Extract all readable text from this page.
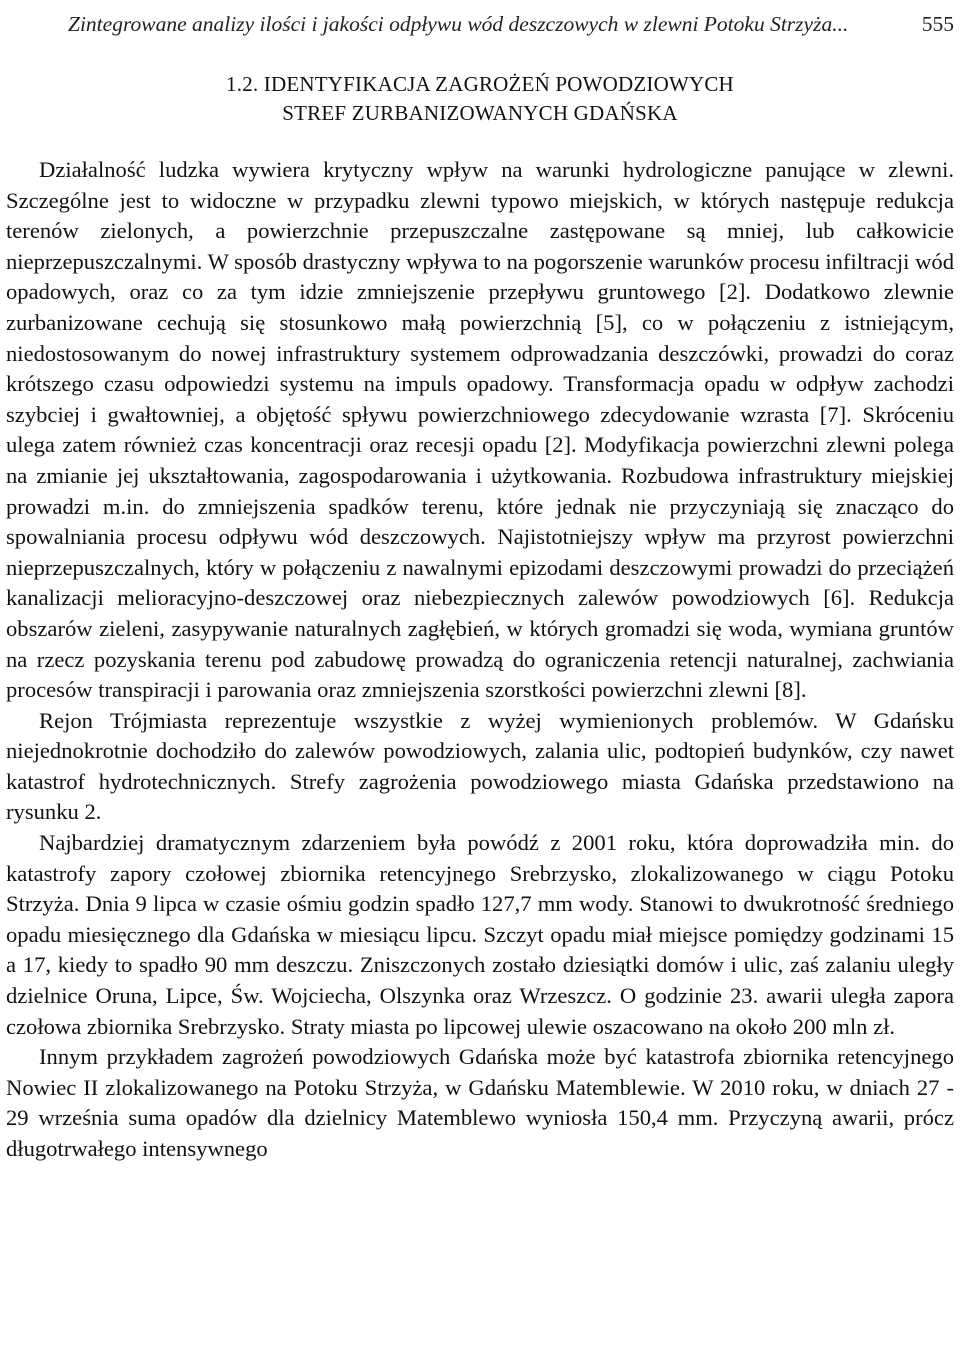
Zintegrowane analizy ilości i jakości odpływu wód deszczowych w zlewni Potoku Strzyża...	555
1.2. IDENTYFIKACJA ZAGROŻEŃ POWODZIOWYCH
STREF ZURBANIZOWANYCH GDAŃSKA

Działalność ludzka wywiera krytyczny wpływ na warunki hydrologiczne panujące w zlewni. Szczególne jest to widoczne w przypadku zlewni typowo miejskich, w których następuje redukcja terenów zielonych, a powierzchnie przepuszczalne zastępowane są mniej, lub całkowicie nieprzepuszczalnymi. W sposób drastyczny wpływa to na pogorszenie warunków procesu infiltracji wód opadowych, oraz co za tym idzie zmniejszenie przepływu gruntowego [2]. Dodatkowo zlewnie zurbanizowane cechują się stosunkowo małą powierzchnią [5], co w połączeniu z istniejącym, niedostosowanym do nowej infrastruktury systemem odprowadzania deszczówki, prowadzi do coraz krótszego czasu odpowiedzi systemu na impuls opadowy. Transformacja opadu w odpływ zachodzi szybciej i gwałtowniej, a objętość spływu powierzchniowego zdecydowanie wzrasta [7]. Skróceniu ulega zatem również czas koncentracji oraz recesji opadu [2]. Modyfikacja powierzchni zlewni polega na zmianie jej ukształtowania, zagospodarowania i użytkowania. Rozbudowa infrastruktury miejskiej prowadzi m.in. do zmniejszenia spadków terenu, które jednak nie przyczyniają się znacząco do spowalniania procesu odpływu wód deszczowych. Najistotniejszy wpływ ma przyrost powierzchni nieprzepuszczalnych, który w połączeniu z nawalnymi epizodami deszczowymi prowadzi do przeciążeń kanalizacji melioracyjno-deszczowej oraz niebezpiecznych zalewów powodziowych [6]. Redukcja obszarów zieleni, zasypywanie naturalnych zagłębień, w których gromadzi się woda, wymiana gruntów na rzecz pozyskania terenu pod zabudowę prowadzą do ograniczenia retencji naturalnej, zachwiania procesów transpiracji i parowania oraz zmniejszenia szorstkości powierzchni zlewni [8].

Rejon Trójmiasta reprezentuje wszystkie z wyżej wymienionych problemów. W Gdańsku niejednokrotnie dochodziło do zalewów powodziowych, zalania ulic, podtopień budynków, czy nawet katastrof hydrotechnicznych. Strefy zagrożenia powodziowego miasta Gdańska przedstawiono na rysunku 2.

Najbardziej dramatycznym zdarzeniem była powódź z 2001 roku, która doprowadziła min. do katastrofy zapory czołowej zbiornika retencyjnego Srebrzysko, zlokalizowanego w ciągu Potoku Strzyża. Dnia 9 lipca w czasie ośmiu godzin spadło 127,7 mm wody. Stanowi to dwukrotność średniego opadu miesięcznego dla Gdańska w miesiącu lipcu. Szczyt opadu miał miejsce pomiędzy godzinami 15 a 17, kiedy to spadło 90 mm deszczu. Zniszczonych zostało dziesiątki domów i ulic, zaś zalaniu uległy dzielnice Oruna, Lipce, Św. Wojciecha, Olszynka oraz Wrzeszcz. O godzinie 23. awarii uległa zapora czołowa zbiornika Srebrzysko. Straty miasta po lipcowej ulewie oszacowano na około 200 mln zł.

Innym przykładem zagrożeń powodziowych Gdańska może być katastrofa zbiornika retencyjnego Nowiec II zlokalizowanego na Potoku Strzyża, w Gdańsku Matemblewie. W 2010 roku, w dniach 27 - 29 września suma opadów dla dzielnicy Matemblewo wyniosła 150,4 mm. Przyczyną awarii, prócz długotrwałego intensywnego
